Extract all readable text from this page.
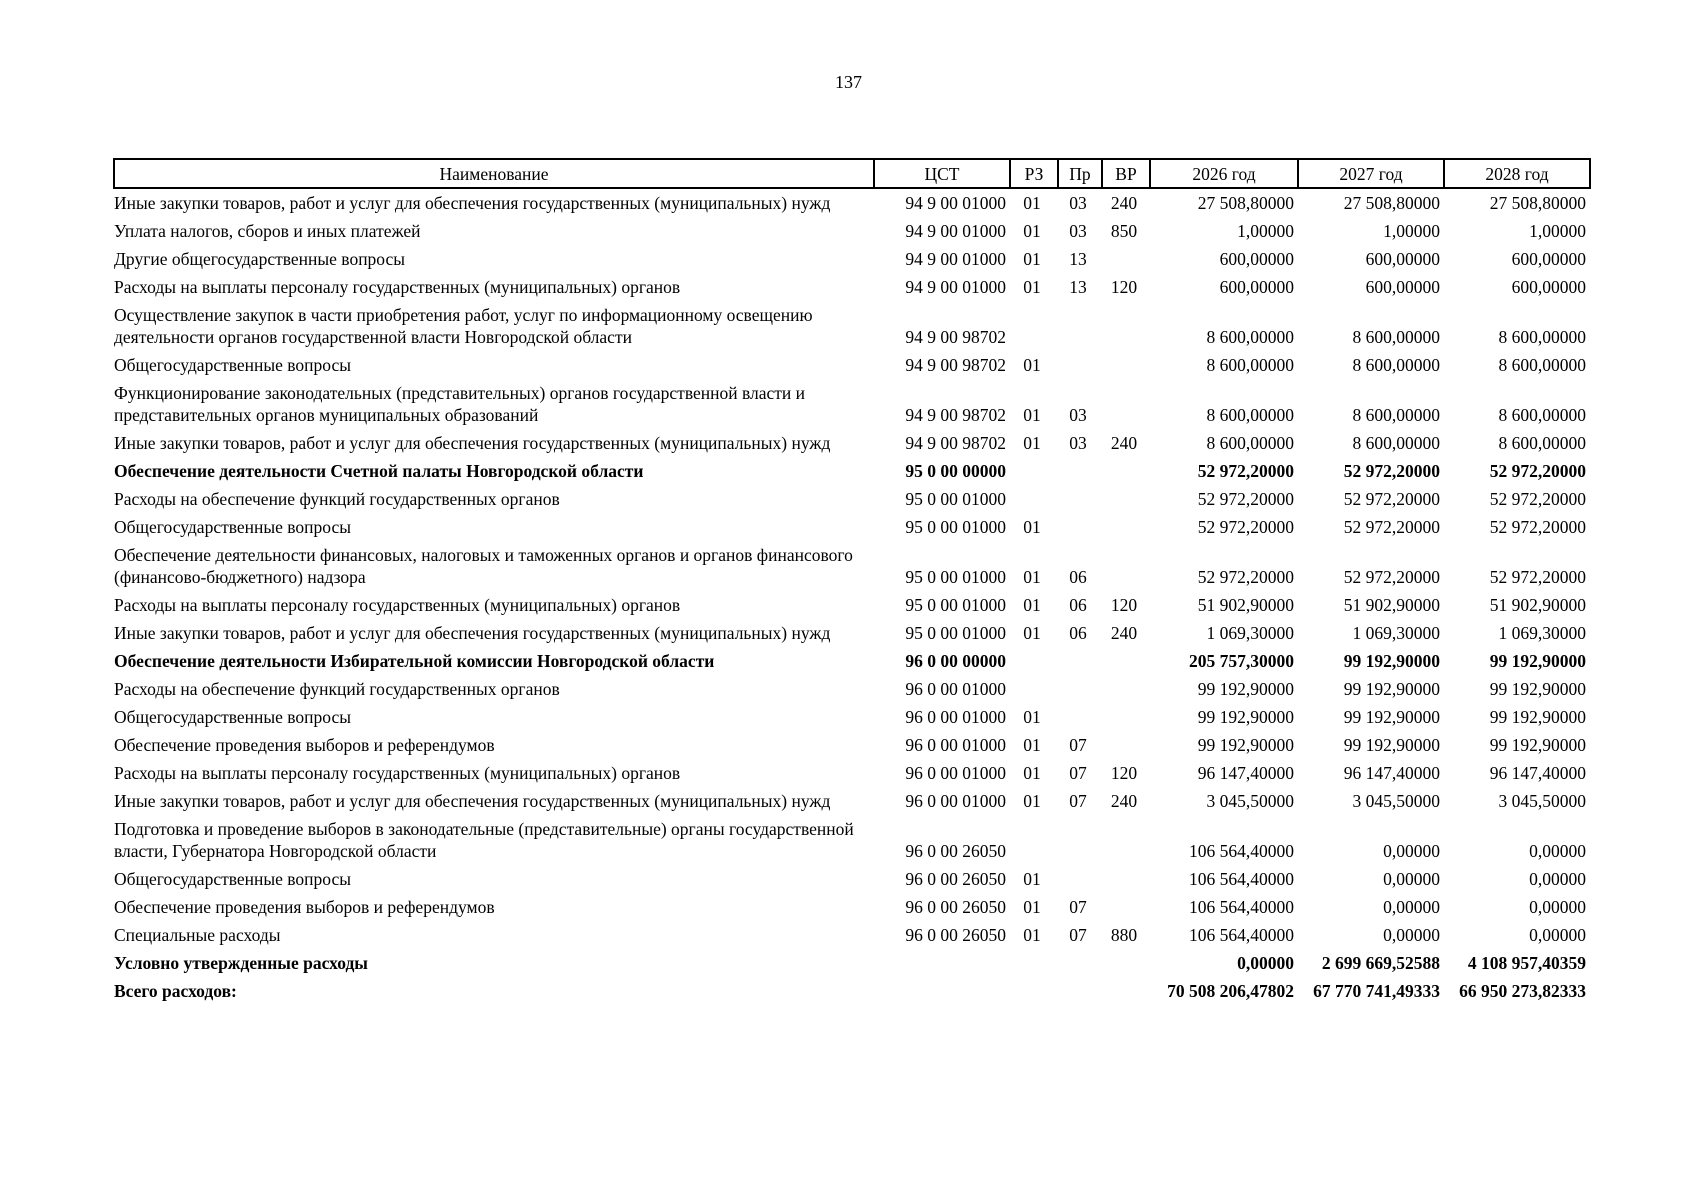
137
Наименование	ЦСТ	РЗ	Пр	ВР	2026 год	2027 год	2028 год
Иные закупки товаров, работ и услуг для обеспечения государственных (муниципальных) нужд	94 9 00 01000	01	03	240	27 508,80000	27 508,80000	27 508,80000
Уплата налогов, сборов и иных платежей	94 9 00 01000	01	03	850	1,00000	1,00000	1,00000
Другие общегосударственные вопросы	94 9 00 01000	01	13		600,00000	600,00000	600,00000
Расходы на выплаты персоналу государственных (муниципальных) органов	94 9 00 01000	01	13	120	600,00000	600,00000	600,00000
Осуществление закупок в части приобретения работ, услуг по информационному освещению деятельности органов государственной власти Новгородской области	94 9 00 98702				8 600,00000	8 600,00000	8 600,00000
Общегосударственные вопросы	94 9 00 98702	01			8 600,00000	8 600,00000	8 600,00000
Функционирование законодательных (представительных) органов государственной власти и представительных органов муниципальных образований	94 9 00 98702	01	03		8 600,00000	8 600,00000	8 600,00000
Иные закупки товаров, работ и услуг для обеспечения государственных (муниципальных) нужд	94 9 00 98702	01	03	240	8 600,00000	8 600,00000	8 600,00000
Обеспечение деятельности Счетной палаты Новгородской области	95 0 00 00000				52 972,20000	52 972,20000	52 972,20000
Расходы на обеспечение функций государственных органов	95 0 00 01000				52 972,20000	52 972,20000	52 972,20000
Общегосударственные вопросы	95 0 00 01000	01			52 972,20000	52 972,20000	52 972,20000
Обеспечение деятельности финансовых, налоговых и таможенных органов и органов финансового (финансово-бюджетного) надзора	95 0 00 01000	01	06		52 972,20000	52 972,20000	52 972,20000
Расходы на выплаты персоналу государственных (муниципальных) органов	95 0 00 01000	01	06	120	51 902,90000	51 902,90000	51 902,90000
Иные закупки товаров, работ и услуг для обеспечения государственных (муниципальных) нужд	95 0 00 01000	01	06	240	1 069,30000	1 069,30000	1 069,30000
Обеспечение деятельности Избирательной комиссии Новгородской области	96 0 00 00000				205 757,30000	99 192,90000	99 192,90000
Расходы на обеспечение функций государственных органов	96 0 00 01000				99 192,90000	99 192,90000	99 192,90000
Общегосударственные вопросы	96 0 00 01000	01			99 192,90000	99 192,90000	99 192,90000
Обеспечение проведения выборов и референдумов	96 0 00 01000	01	07		99 192,90000	99 192,90000	99 192,90000
Расходы на выплаты персоналу государственных (муниципальных) органов	96 0 00 01000	01	07	120	96 147,40000	96 147,40000	96 147,40000
Иные закупки товаров, работ и услуг для обеспечения государственных (муниципальных) нужд	96 0 00 01000	01	07	240	3 045,50000	3 045,50000	3 045,50000
Подготовка и проведение выборов в законодательные (представительные) органы государственной власти, Губернатора Новгородской области	96 0 00 26050				106 564,40000	0,00000	0,00000
Общегосударственные вопросы	96 0 00 26050	01			106 564,40000	0,00000	0,00000
Обеспечение проведения выборов и референдумов	96 0 00 26050	01	07		106 564,40000	0,00000	0,00000
Специальные расходы	96 0 00 26050	01	07	880	106 564,40000	0,00000	0,00000
Условно утвержденные расходы					0,00000	2 699 669,52588	4 108 957,40359
Всего расходов:					70 508 206,47802	67 770 741,49333	66 950 273,82333
